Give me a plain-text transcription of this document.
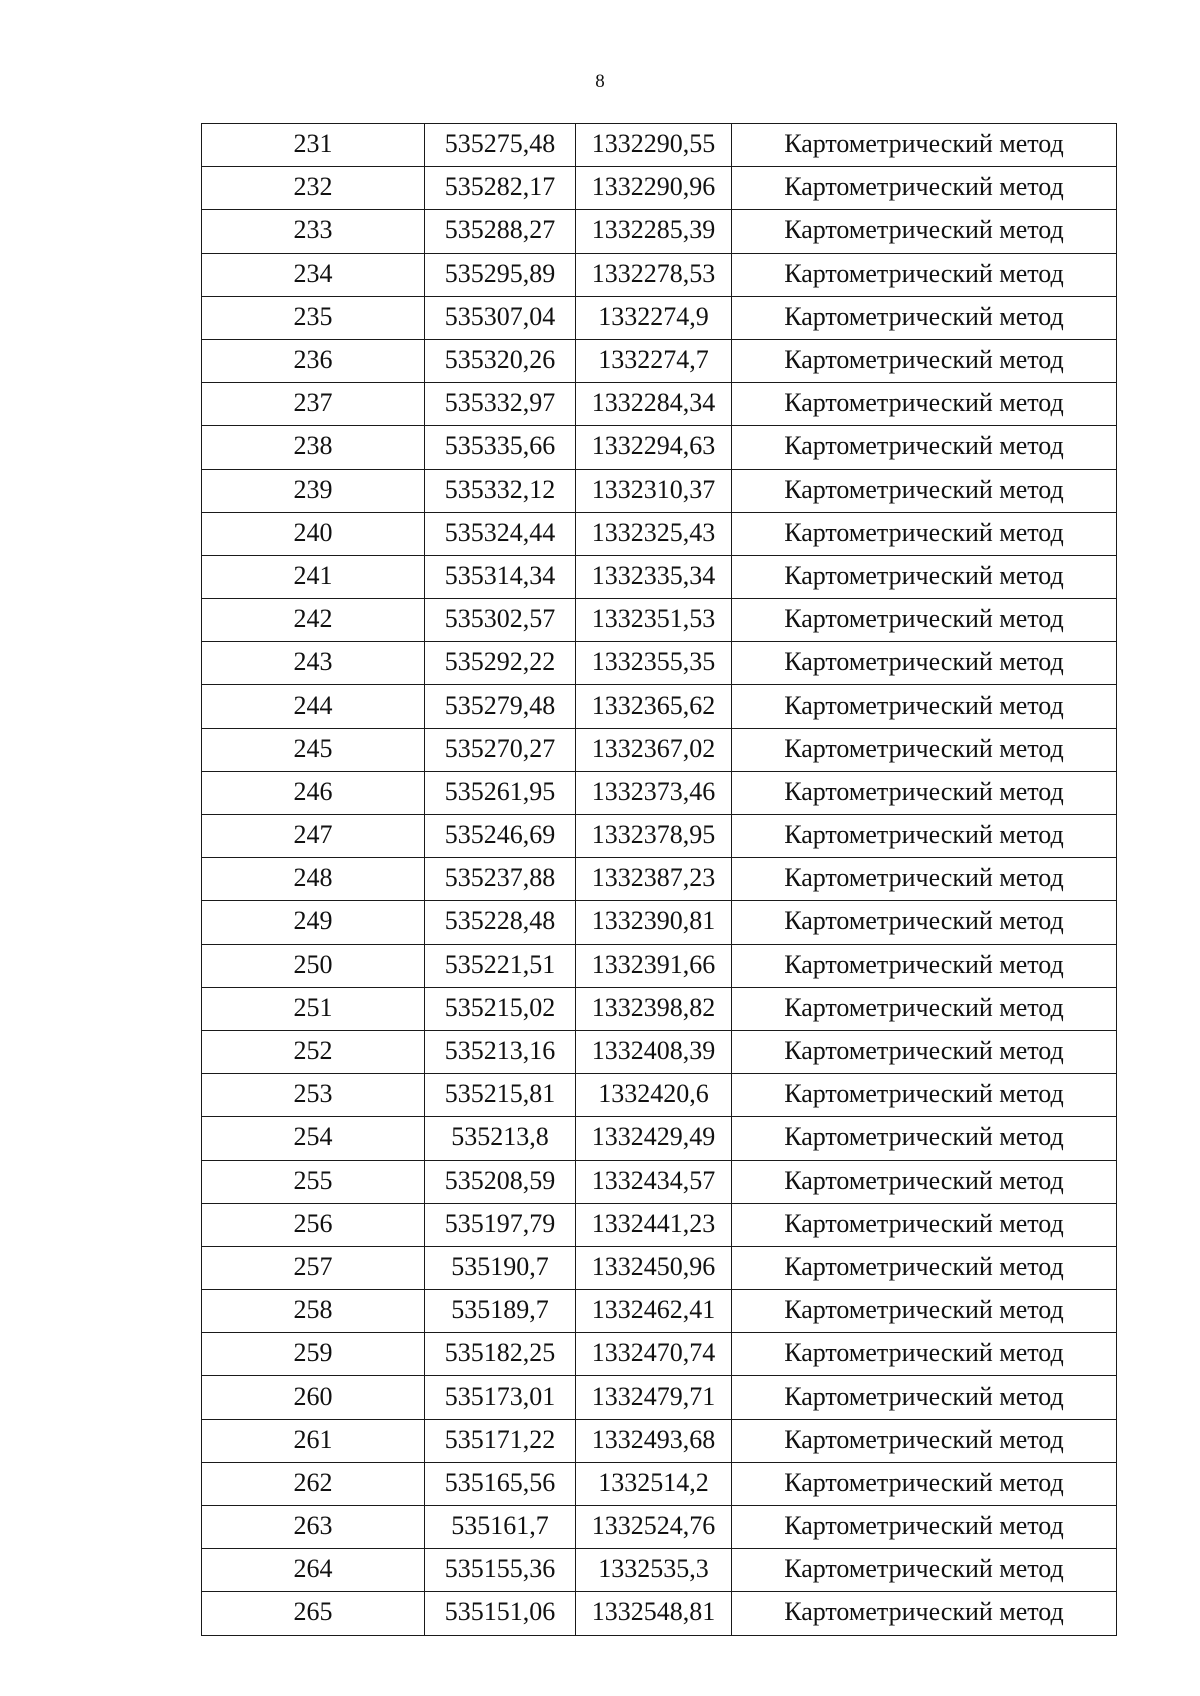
8
231	535275,48	1332290,55	Картометрический метод
232	535282,17	1332290,96	Картометрический метод
233	535288,27	1332285,39	Картометрический метод
234	535295,89	1332278,53	Картометрический метод
235	535307,04	1332274,9	Картометрический метод
236	535320,26	1332274,7	Картометрический метод
237	535332,97	1332284,34	Картометрический метод
238	535335,66	1332294,63	Картометрический метод
239	535332,12	1332310,37	Картометрический метод
240	535324,44	1332325,43	Картометрический метод
241	535314,34	1332335,34	Картометрический метод
242	535302,57	1332351,53	Картометрический метод
243	535292,22	1332355,35	Картометрический метод
244	535279,48	1332365,62	Картометрический метод
245	535270,27	1332367,02	Картометрический метод
246	535261,95	1332373,46	Картометрический метод
247	535246,69	1332378,95	Картометрический метод
248	535237,88	1332387,23	Картометрический метод
249	535228,48	1332390,81	Картометрический метод
250	535221,51	1332391,66	Картометрический метод
251	535215,02	1332398,82	Картометрический метод
252	535213,16	1332408,39	Картометрический метод
253	535215,81	1332420,6	Картометрический метод
254	535213,8	1332429,49	Картометрический метод
255	535208,59	1332434,57	Картометрический метод
256	535197,79	1332441,23	Картометрический метод
257	535190,7	1332450,96	Картометрический метод
258	535189,7	1332462,41	Картометрический метод
259	535182,25	1332470,74	Картометрический метод
260	535173,01	1332479,71	Картометрический метод
261	535171,22	1332493,68	Картометрический метод
262	535165,56	1332514,2	Картометрический метод
263	535161,7	1332524,76	Картометрический метод
264	535155,36	1332535,3	Картометрический метод
265	535151,06	1332548,81	Картометрический метод
